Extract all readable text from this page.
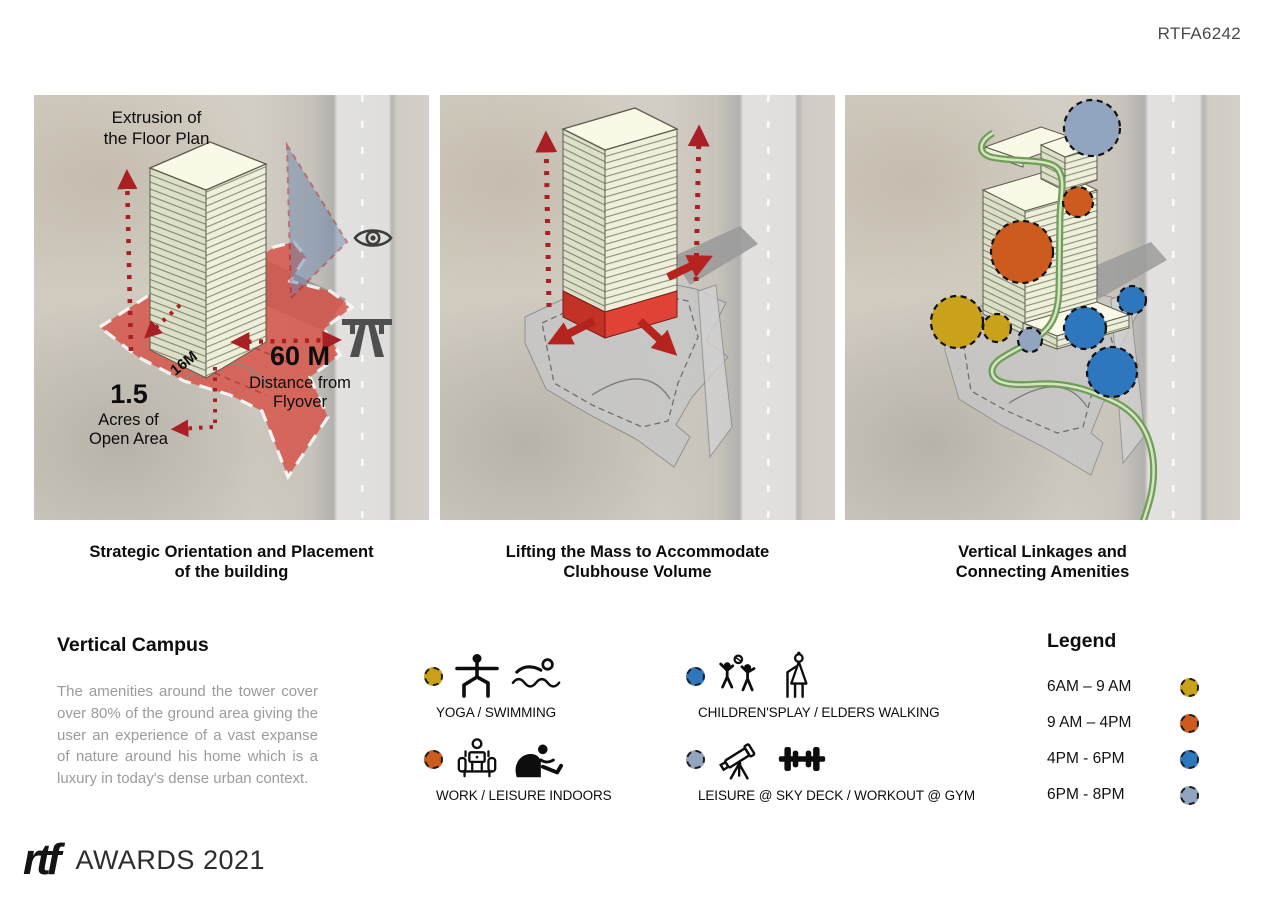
RTFA6242
Extrusion of
the Floor Plan
60 M
Distance from
Flyover
16M
1.5
Acres of
Open Area
Strategic Orientation and Placement
of the building
Lifting the Mass to Accommodate
Clubhouse Volume
Vertical Linkages and
Connecting Amenities
Vertical Campus

The amenities around the tower cover over 80% of the ground area giving the user an experience of a vast expanse of nature around his home which is a luxury in today's dense urban context.

YOGA / SWIMMING
WORK / LEISURE INDOORS
CHILDREN'SPLAY / ELDERS WALKING
LEISURE @ SKY DECK / WORKOUT @ GYM
Legend
6AM – 9 AM
9 AM – 4PM
4PM - 6PM
6PM - 8PM
rtf AWARDS 2021
